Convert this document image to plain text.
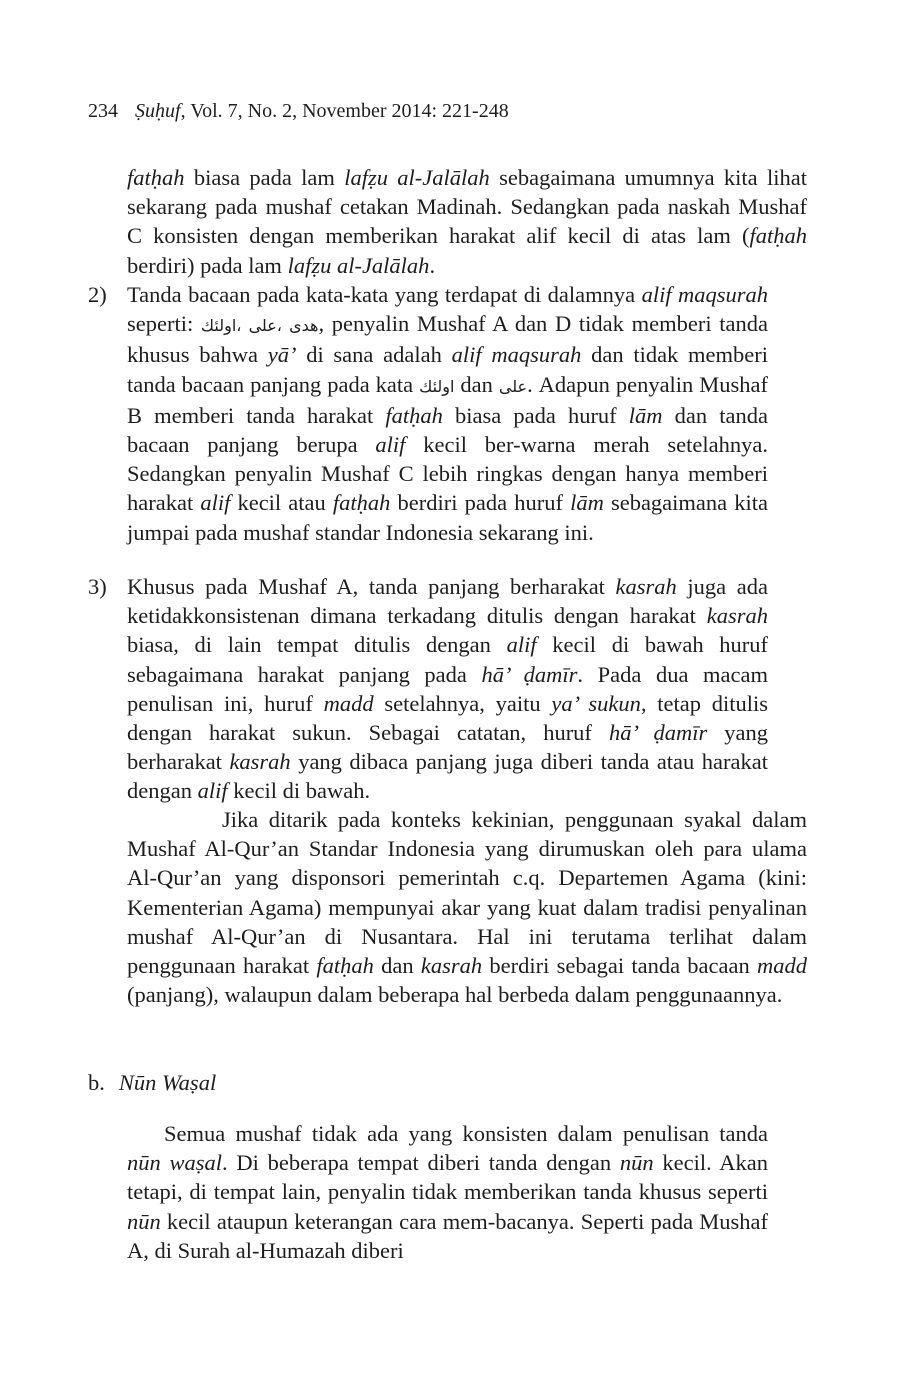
234 Ṣuḥuf, Vol. 7, No. 2, November 2014: 221-248

fatḥah biasa pada lam lafẓu al-Jalālah sebagaimana umumnya kita lihat sekarang pada mushaf cetakan Madinah. Sedangkan pada naskah Mushaf C konsisten dengan memberikan harakat alif kecil di atas lam (fatḥah berdiri) pada lam lafẓu al-Jalālah.

2) Tanda bacaan pada kata-kata yang terdapat di dalamnya alif maqsurah seperti: هدى ،على ،اولئك, penyalin Mushaf A dan D tidak memberi tanda khusus bahwa yā’ di sana adalah alif maqsurah dan tidak memberi tanda bacaan panjang pada kata اولئك dan على. Adapun penyalin Mushaf B memberi tanda harakat fatḥah biasa pada huruf lām dan tanda bacaan panjang berupa alif kecil ber-warna merah setelahnya. Sedangkan penyalin Mushaf C lebih ringkas dengan hanya memberi harakat alif kecil atau fatḥah berdiri pada huruf lām sebagaimana kita jumpai pada mushaf standar Indonesia sekarang ini.

3) Khusus pada Mushaf A, tanda panjang berharakat kasrah juga ada ketidakkonsistenan dimana terkadang ditulis dengan harakat kasrah biasa, di lain tempat ditulis dengan alif kecil di bawah huruf sebagaimana harakat panjang pada hā’ ḍamīr. Pada dua macam penulisan ini, huruf madd setelahnya, yaitu ya’ sukun, tetap ditulis dengan harakat sukun. Sebagai catatan, huruf hā’ ḍamīr yang berharakat kasrah yang dibaca panjang juga diberi tanda atau harakat dengan alif kecil di bawah.

Jika ditarik pada konteks kekinian, penggunaan syakal dalam Mushaf Al-Qur’an Standar Indonesia yang dirumuskan oleh para ulama Al-Qur’an yang disponsori pemerintah c.q. Departemen Agama (kini: Kementerian Agama) mempunyai akar yang kuat dalam tradisi penyalinan mushaf Al-Qur’an di Nusantara. Hal ini terutama terlihat dalam penggunaan harakat fatḥah dan kasrah berdiri sebagai tanda bacaan madd (panjang), walaupun dalam beberapa hal berbeda dalam penggunaannya.

b. Nūn Waṣal

Semua mushaf tidak ada yang konsisten dalam penulisan tanda nūn waṣal. Di beberapa tempat diberi tanda dengan nūn kecil. Akan tetapi, di tempat lain, penyalin tidak memberikan tanda khusus seperti nūn kecil ataupun keterangan cara mem-bacanya. Seperti pada Mushaf A, di Surah al-Humazah diberi
